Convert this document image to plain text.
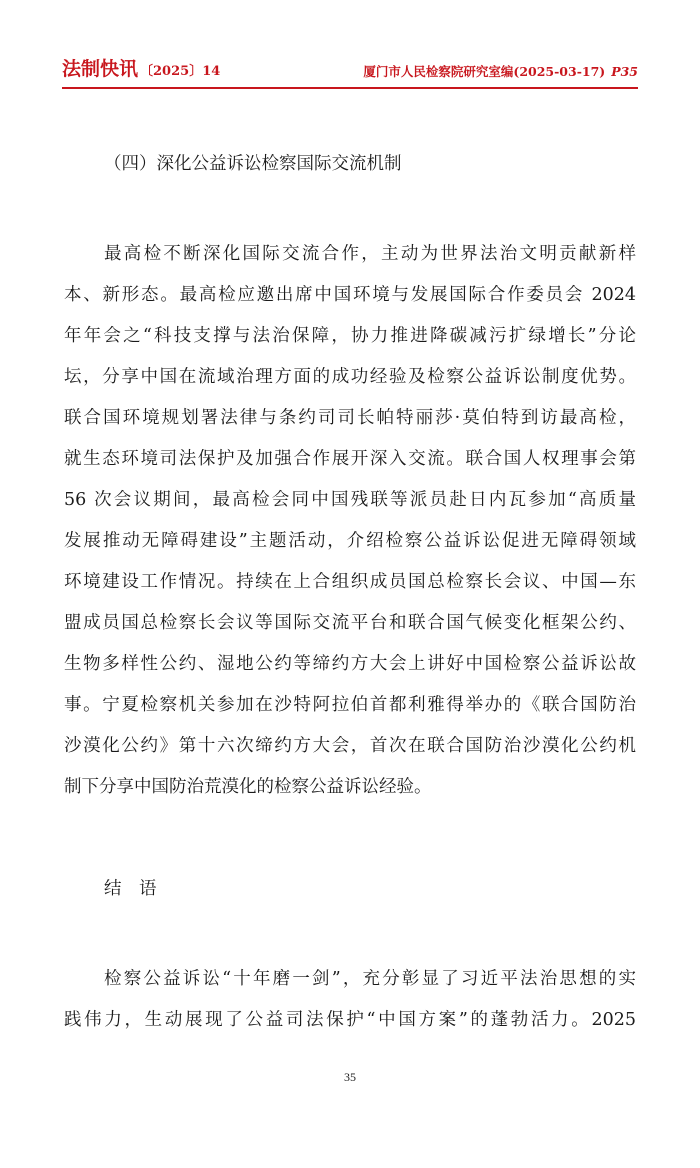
法制快讯 〔2025〕14	厦门市人民检察院研究室编(2025-03-17) P35
（四）深化公益诉讼检察国际交流机制
最高检不断深化国际交流合作，主动为世界法治文明贡献新样
本、新形态。最高检应邀出席中国环境与发展国际合作委员会 2024
年年会之“科技支撑与法治保障，协力推进降碳减污扩绿增长”分论
坛，分享中国在流域治理方面的成功经验及检察公益诉讼制度优势。
联合国环境规划署法律与条约司司长帕特丽莎·莫伯特到访最高检，
就生态环境司法保护及加强合作展开深入交流。联合国人权理事会第
56 次会议期间，最高检会同中国残联等派员赴日内瓦参加“高质量
发展推动无障碍建设”主题活动，介绍检察公益诉讼促进无障碍领域
环境建设工作情况。持续在上合组织成员国总检察长会议、中国—东
盟成员国总检察长会议等国际交流平台和联合国气候变化框架公约、
生物多样性公约、湿地公约等缔约方大会上讲好中国检察公益诉讼故
事。宁夏检察机关参加在沙特阿拉伯首都利雅得举办的《联合国防治
沙漠化公约》第十六次缔约方大会，首次在联合国防治沙漠化公约机
制下分享中国防治荒漠化的检察公益诉讼经验。
结　语
检察公益诉讼“十年磨一剑”，充分彰显了习近平法治思想的实
践伟力，生动展现了公益司法保护“中国方案”的蓬勃活力。2025
35
